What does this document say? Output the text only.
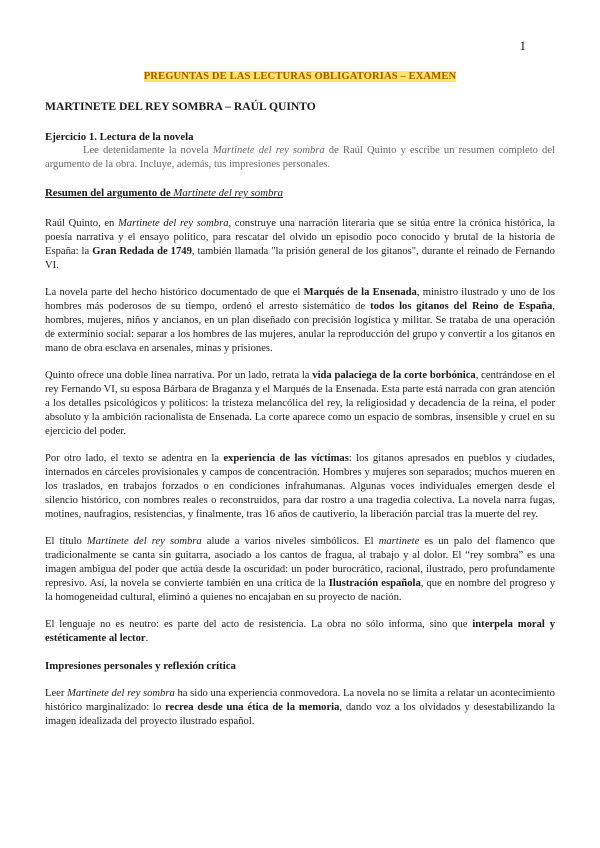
1
PREGUNTAS DE LAS LECTURAS OBLIGATORIAS – EXAMEN
MARTINETE DEL REY SOMBRA – RAÚL QUINTO
Ejercicio 1. Lectura de la novela

Lee detenidamente la novela Martinete del rey sombra de Raúl Quinto y escribe un resumen completo del argumento de la obra. Incluye, además, tus impresiones personales.

Resumen del argumento de Martinete del rey sombra

Raúl Quinto, en Martinete del rey sombra, construye una narración literaria que se sitúa entre la crónica histórica, la poesía narrativa y el ensayo político, para rescatar del olvido un episodio poco conocido y brutal de la historia de España: la Gran Redada de 1749, también llamada "la prisión general de los gitanos", durante el reinado de Fernando VI.

La novela parte del hecho histórico documentado de que el Marqués de la Ensenada, ministro ilustrado y uno de los hombres más poderosos de su tiempo, ordenó el arresto sistemático de todos los gitanos del Reino de España, hombres, mujeres, niños y ancianos, en un plan diseñado con precisión logística y militar. Se trataba de una operación de exterminio social: separar a los hombres de las mujeres, anular la reproducción del grupo y convertir a los gitanos en mano de obra esclava en arsenales, minas y prisiones.

Quinto ofrece una doble línea narrativa. Por un lado, retrata la vida palaciega de la corte borbónica, centrándose en el rey Fernando VI, su esposa Bárbara de Braganza y el Marqués de la Ensenada. Esta parte está narrada con gran atención a los detalles psicológicos y políticos: la tristeza melancólica del rey, la religiosidad y decadencia de la reina, el poder absoluto y la ambición racionalista de Ensenada. La corte aparece como un espacio de sombras, insensible y cruel en su ejercicio del poder.

Por otro lado, el texto se adentra en la experiencia de las víctimas: los gitanos apresados en pueblos y ciudades, internados en cárceles provisionales y campos de concentración. Hombres y mujeres son separados; muchos mueren en los traslados, en trabajos forzados o en condiciones infrahumanas. Algunas voces individuales emergen desde el silencio histórico, con nombres reales o reconstruidos, para dar rostro a una tragedia colectiva. La novela narra fugas, motines, naufragios, resistencias, y finalmente, tras 16 años de cautiverio, la liberación parcial tras la muerte del rey.

El título Martinete del rey sombra alude a varios niveles simbólicos. El martinete es un palo del flamenco que tradicionalmente se canta sin guitarra, asociado a los cantos de fragua, al trabajo y al dolor. El “rey sombra” es una imagen ambigua del poder que actúa desde la oscuridad: un poder burocrático, racional, ilustrado, pero profundamente represivo. Así, la novela se convierte también en una crítica de la Ilustración española, que en nombre del progreso y la homogeneidad cultural, eliminó a quienes no encajaban en su proyecto de nación.

El lenguaje no es neutro: es parte del acto de resistencia. La obra no sólo informa, sino que interpela moral y estéticamente al lector.

Impresiones personales y reflexión crítica

Leer Martinete del rey sombra ha sido una experiencia conmovedora. La novela no se limita a relatar un acontecimiento histórico marginalizado: lo recrea desde una ética de la memoria, dando voz a los olvidados y desestabilizando la imagen idealizada del proyecto ilustrado español.
